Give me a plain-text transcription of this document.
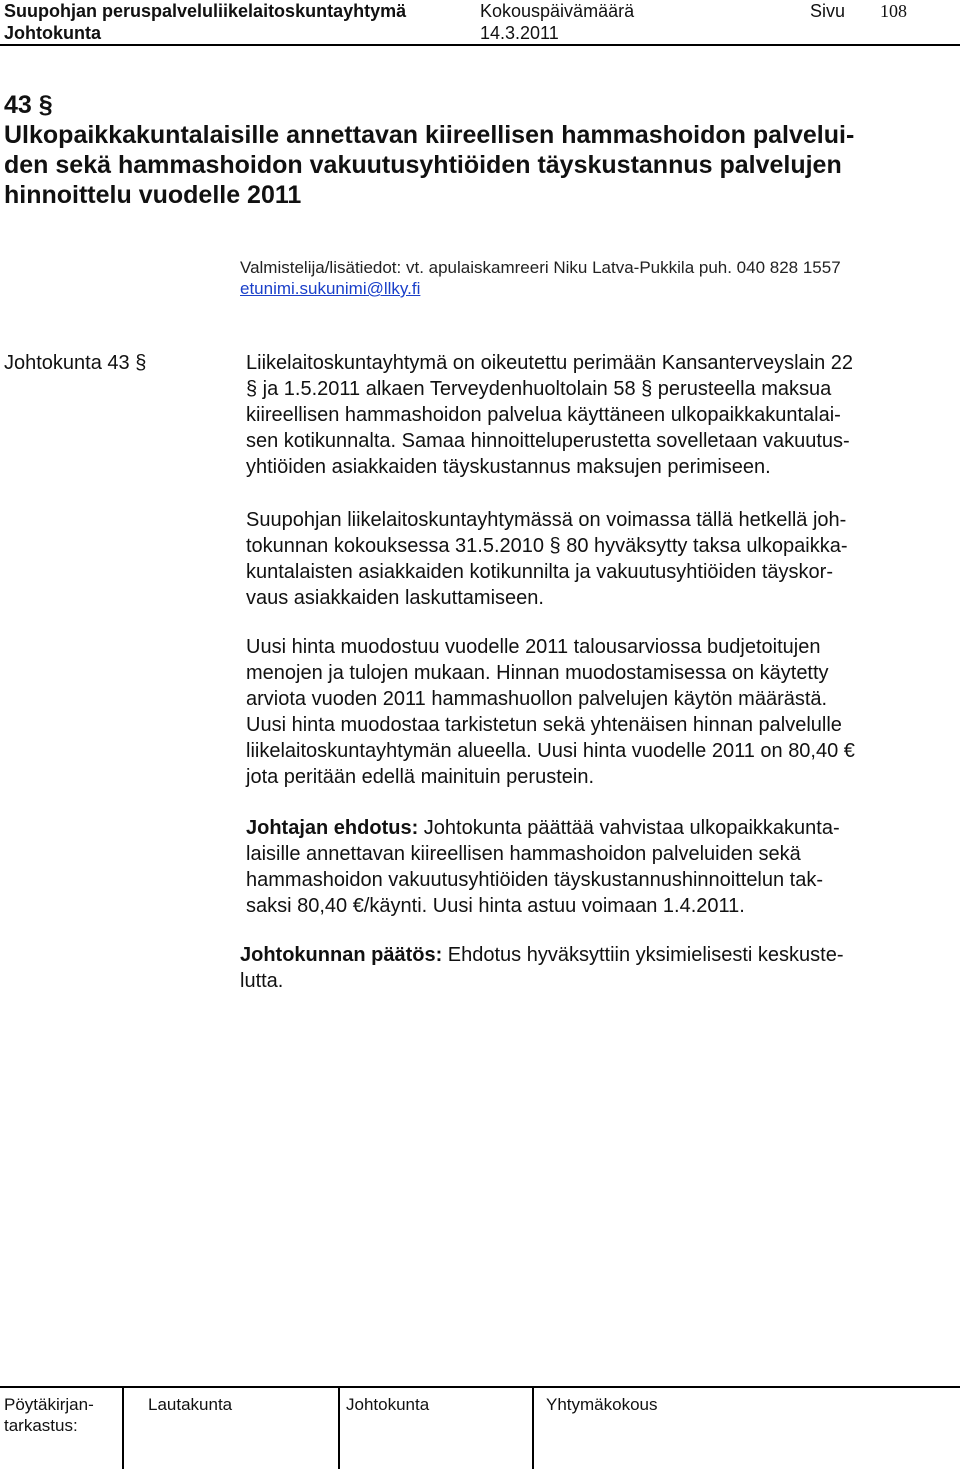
Suupohjan peruspalveluliikelaitoskuntayhtymä	Kokouspäivämäärä	Sivu 108
Johtokunta	14.3.2011
43 §
Ulkopaikkakuntalaisille annettavan kiireellisen hammashoidon palvelui-
den sekä hammashoidon vakuutusyhtiöiden täyskustannus palvelujen
hinnoittelu vuodelle 2011
Valmistelija/lisätiedot: vt. apulaiskamreeri Niku Latva-Pukkila puh. 040 828 1557
etunimi.sukunimi@llky.fi
Johtokunta 43 §	Liikelaitoskuntayhtymä on oikeutettu perimään Kansanterveyslain 22
§ ja 1.5.2011 alkaen Terveydenhuoltolain 58 § perusteella maksua
kiireellisen hammashoidon palvelua käyttäneen ulkopaikkakuntalai-
sen kotikunnalta. Samaa hinnoitteluperustetta sovelletaan vakuutus-
yhtiöiden asiakkaiden täyskustannus maksujen perimiseen.
Suupohjan liikelaitoskuntayhtymässä on voimassa tällä hetkellä joh-
tokunnan kokouksessa 31.5.2010 § 80 hyväksytty taksa ulkopaikka-
kuntalaisten asiakkaiden kotikunnilta ja vakuutusyhtiöiden täyskor-
vaus asiakkaiden laskuttamiseen.
Uusi hinta muodostuu vuodelle 2011 talousarviossa budjetoitujen
menojen ja tulojen mukaan. Hinnan muodostamisessa on käytetty
arviota vuoden 2011 hammashuollon palvelujen käytön määrästä.
Uusi hinta muodostaa tarkistetun sekä yhtenäisen hinnan palvelulle
liikelaitoskuntayhtymän alueella. Uusi hinta vuodelle 2011 on 80,40 €
jota peritään edellä mainituin perustein.
Johtajan ehdotus: Johtokunta päättää vahvistaa ulkopaikkakunta-
laisille annettavan kiireellisen hammashoidon palveluiden sekä
hammashoidon vakuutusyhtiöiden täyskustannushinnoittelun tak-
saksi 80,40 €/käynti. Uusi hinta astuu voimaan 1.4.2011.
Johtokunnan päätös: Ehdotus hyväksyttiin yksimielisesti keskuste-
lutta.
Pöytäkirjan-
tarkastus:
Lautakunta	Johtokunta	Yhtymäkokous
